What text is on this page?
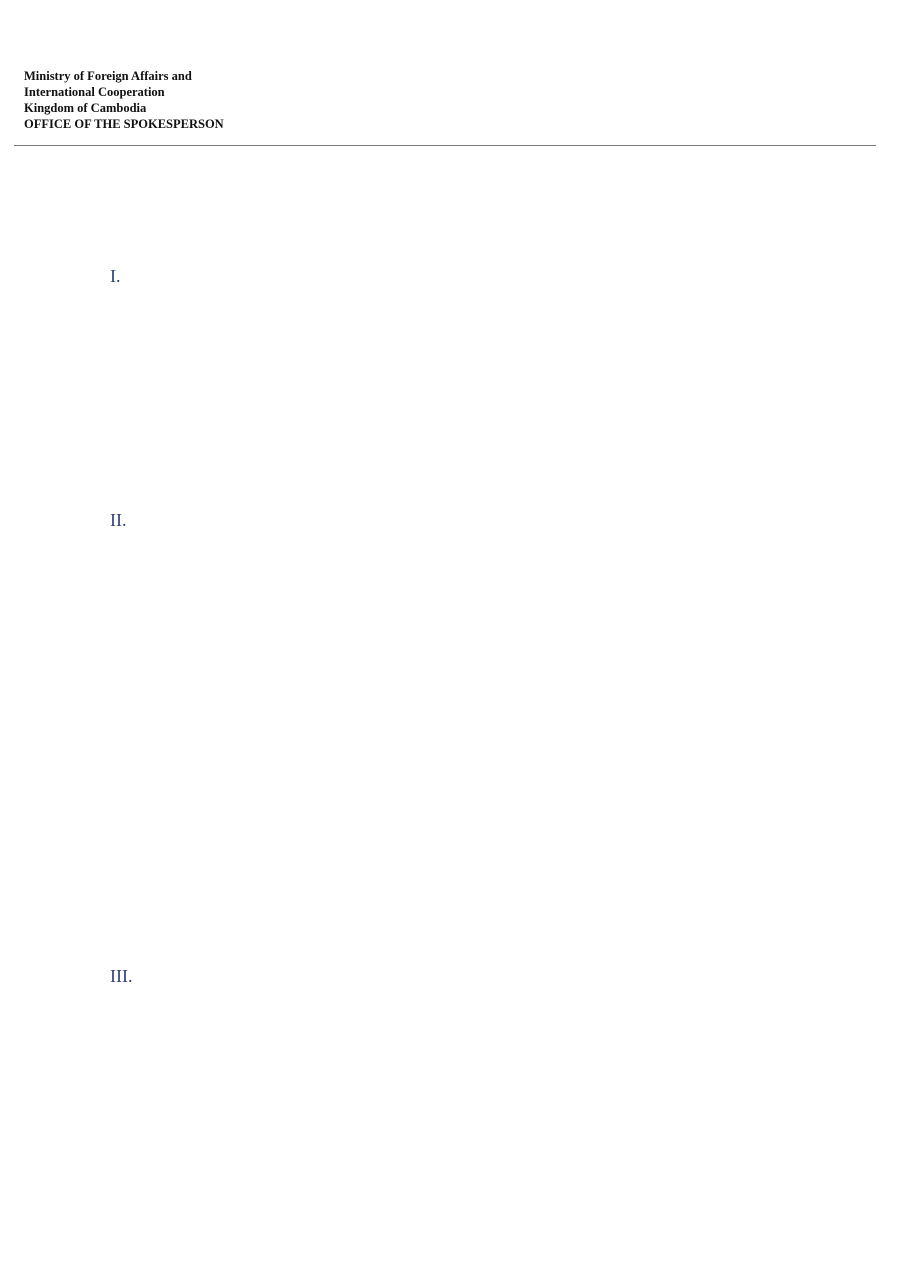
Ministry of Foreign Affairs and
International Cooperation
Kingdom of Cambodia
OFFICE OF THE SPOKESPERSON
I.
II.
III.
